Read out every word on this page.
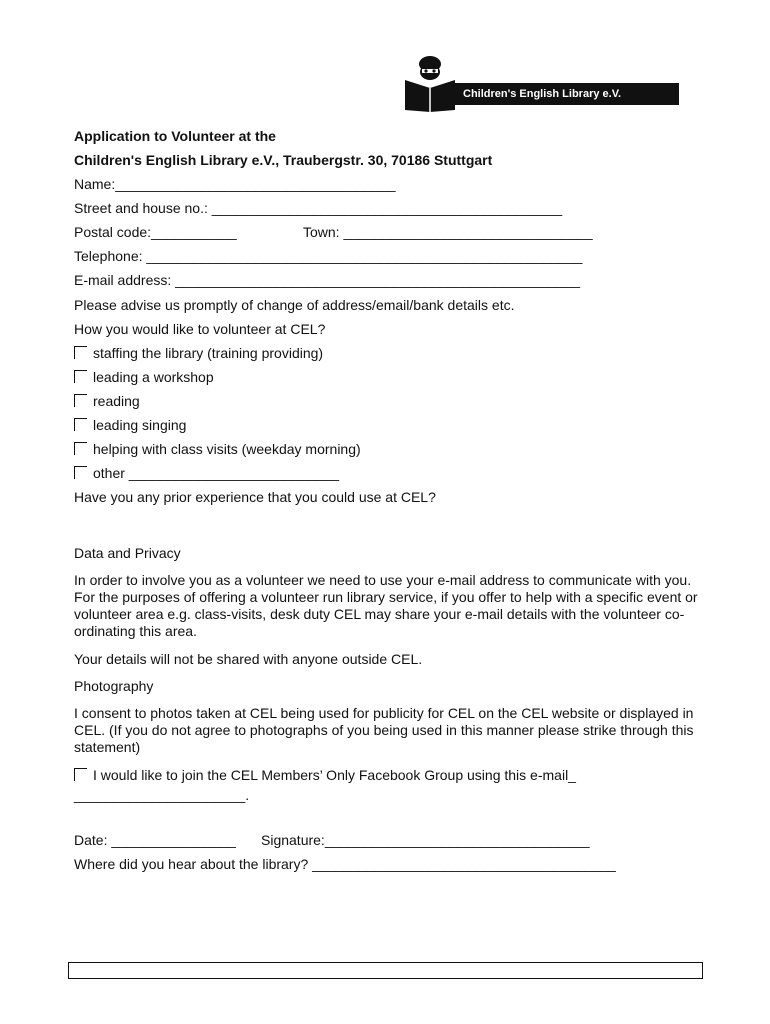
Children's English Library e.V.
Application to Volunteer at the
Children's English Library e.V., Traubergstr. 30, 70186 Stuttgart
Name:____________________________________
Street and house no.: _____________________________________________
Postal code:___________	Town: ________________________________
Telephone: ________________________________________________________
E-mail address: ____________________________________________________
Please advise us promptly of change of address/email/bank details etc.
How you would like to volunteer at CEL?
staffing the library (training providing)
leading a workshop
reading
leading singing
helping with class visits (weekday morning)
other ___________________________
Have you any prior experience that you could use at CEL?
Data and Privacy
In order to involve you as a volunteer we need to use your e-mail address to communicate with you. For the purposes of offering a volunteer run library service, if you offer to help with a specific event or volunteer area e.g. class-visits, desk duty CEL may share your e-mail details with the volunteer co-ordinating this area.
Your details will not be shared with anyone outside CEL.
Photography
I consent to photos taken at CEL being used for publicity for CEL on the CEL website or displayed in CEL. (If you do not agree to photographs of you being used in this manner please strike through this statement)
I would like to join the CEL Members’ Only Facebook Group using this e-mail_
______________________.
Date: ________________ Signature:__________________________________
Where did you hear about the library? _______________________________________
